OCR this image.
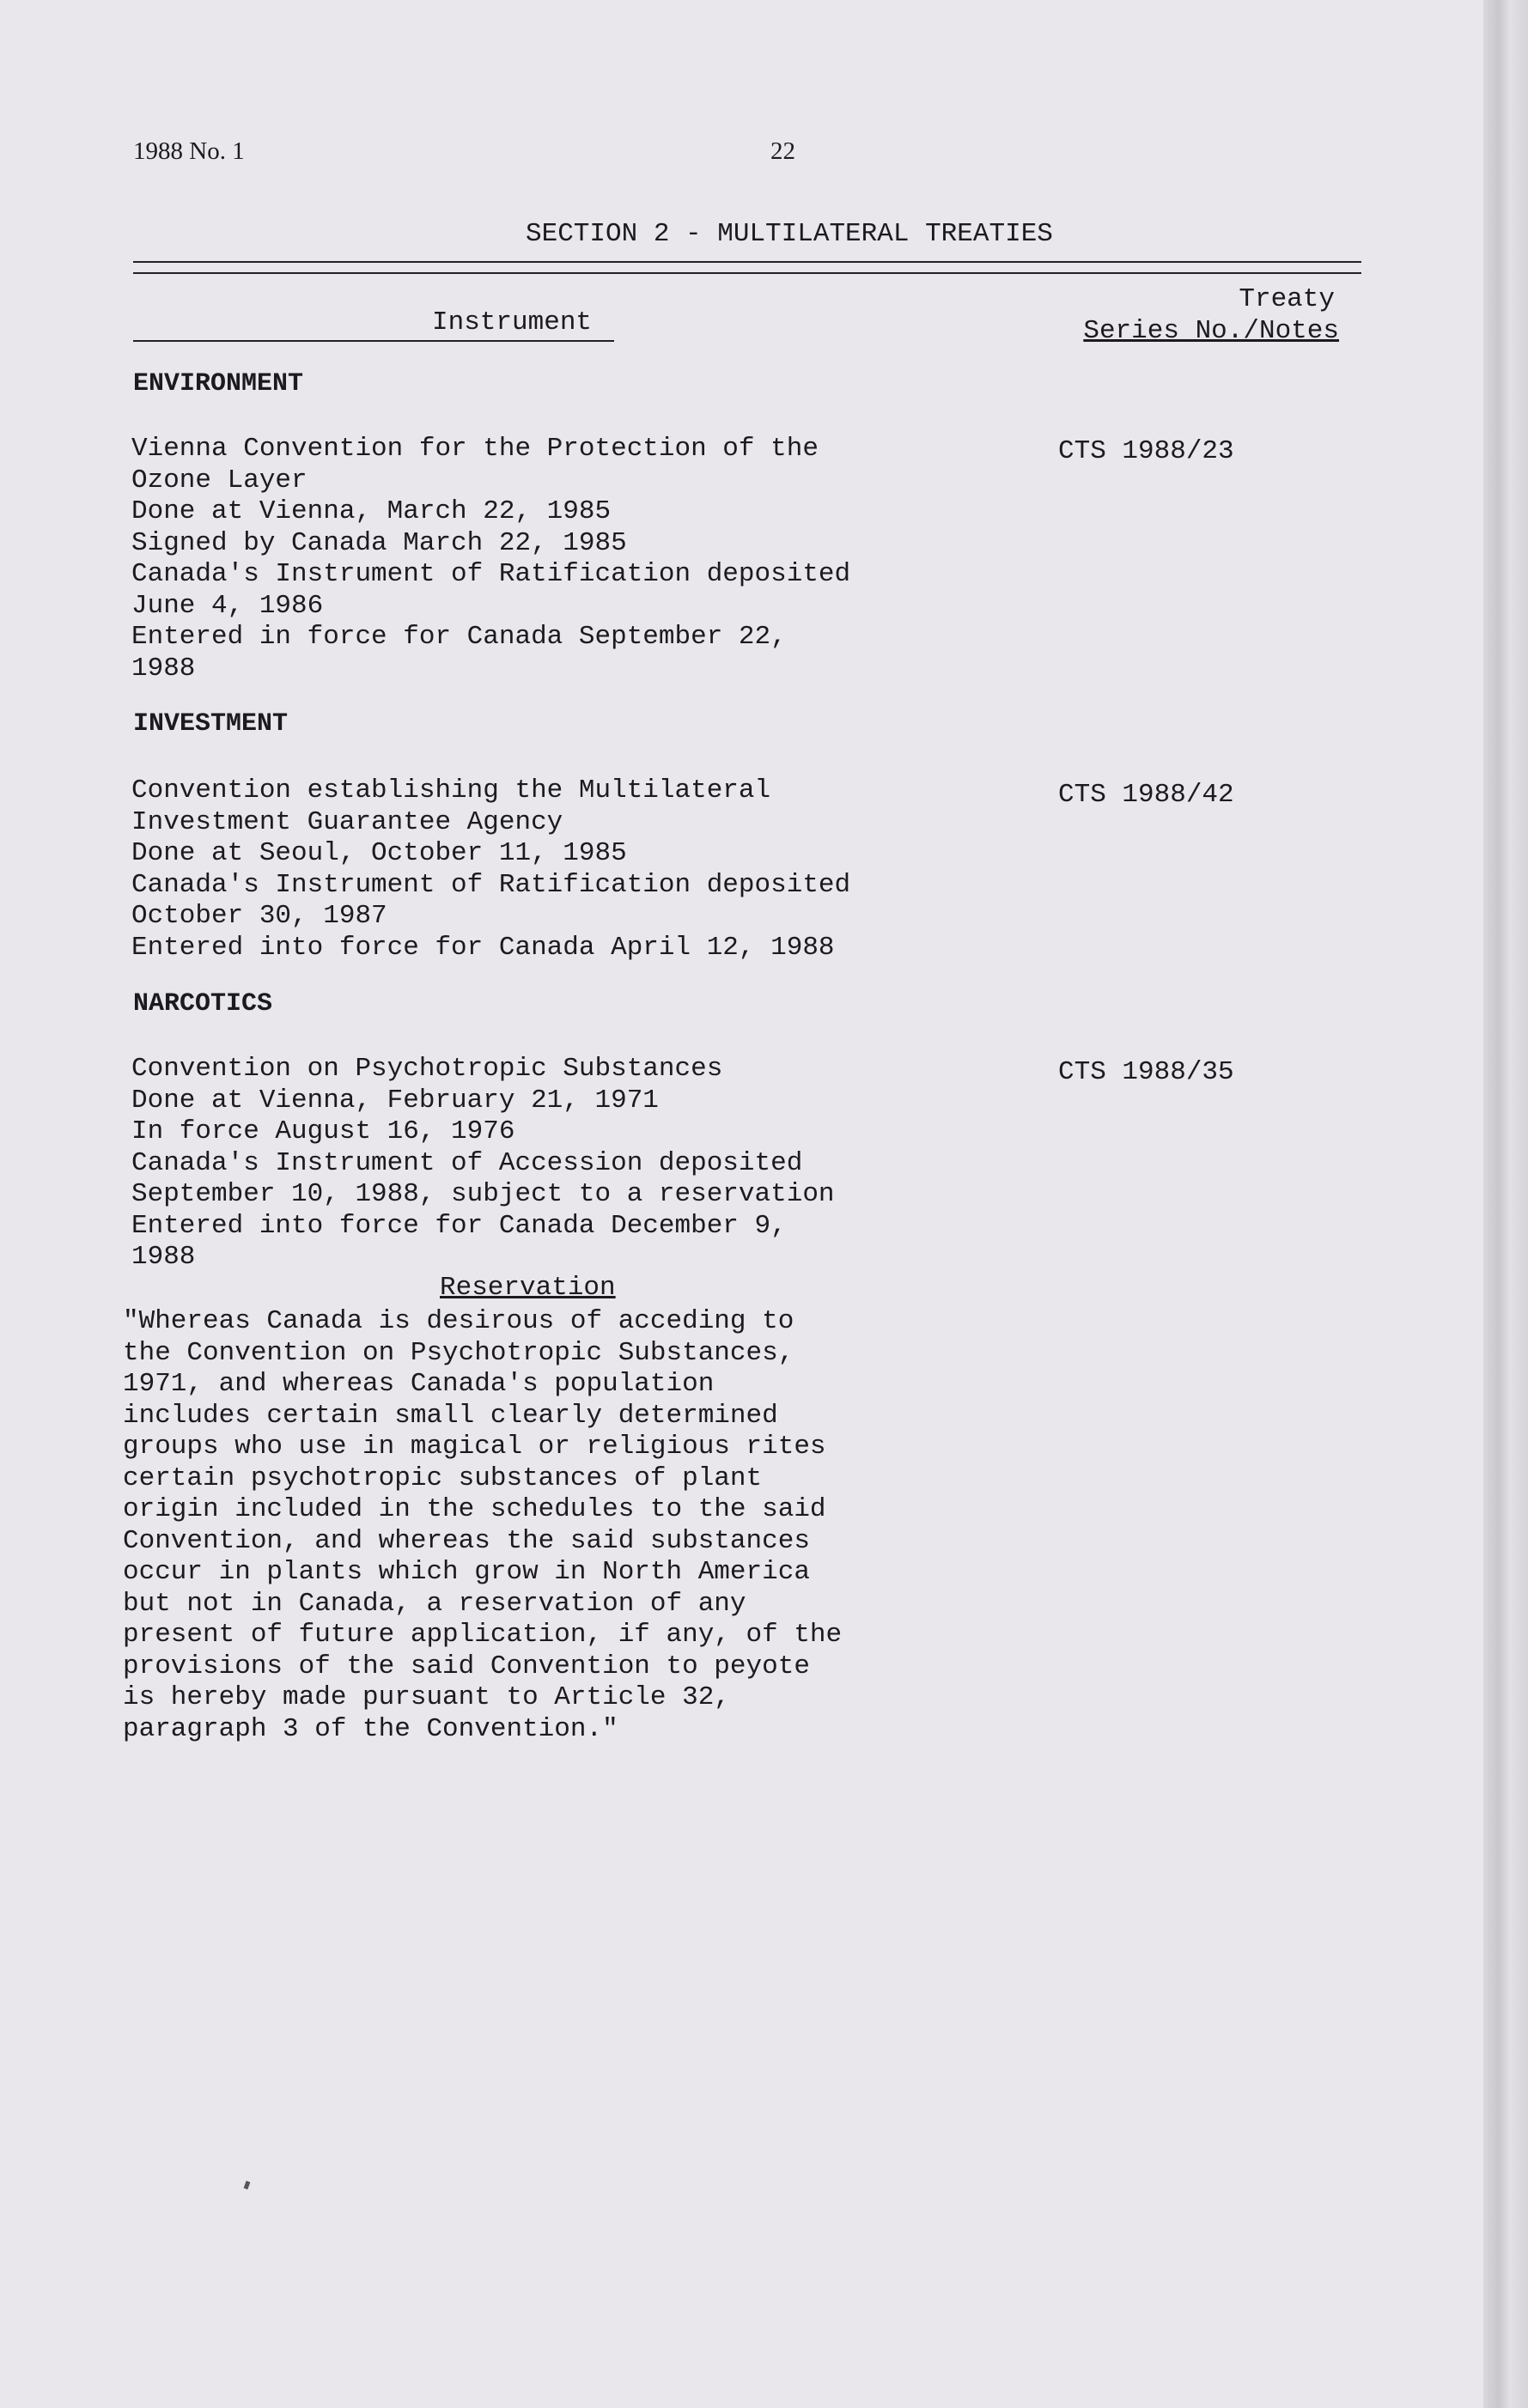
1988 No. 1	22
SECTION 2 - MULTILATERAL TREATIES
Treaty
Series No./Notes
Instrument
ENVIRONMENT
Vienna Convention for the Protection of the
Ozone Layer
Done at Vienna, March 22, 1985
Signed by Canada March 22, 1985
Canada's Instrument of Ratification deposited
June 4, 1986
Entered in force for Canada September 22,
1988
CTS 1988/23
INVESTMENT
Convention establishing the Multilateral
Investment Guarantee Agency
Done at Seoul, October 11, 1985
Canada's Instrument of Ratification deposited
October 30, 1987
Entered into force for Canada April 12, 1988
CTS 1988/42
NARCOTICS
Convention on Psychotropic Substances
Done at Vienna, February 21, 1971
In force August 16, 1976
Canada's Instrument of Accession deposited
September 10, 1988, subject to a reservation
Entered into force for Canada December 9,
1988
CTS 1988/35
Reservation
"Whereas Canada is desirous of acceding to
the Convention on Psychotropic Substances,
1971, and whereas Canada's population
includes certain small clearly determined
groups who use in magical or religious rites
certain psychotropic substances of plant
origin included in the schedules to the said
Convention, and whereas the said substances
occur in plants which grow in North America
but not in Canada, a reservation of any
present of future application, if any, of the
provisions of the said Convention to peyote
is hereby made pursuant to Article 32,
paragraph 3 of the Convention."
